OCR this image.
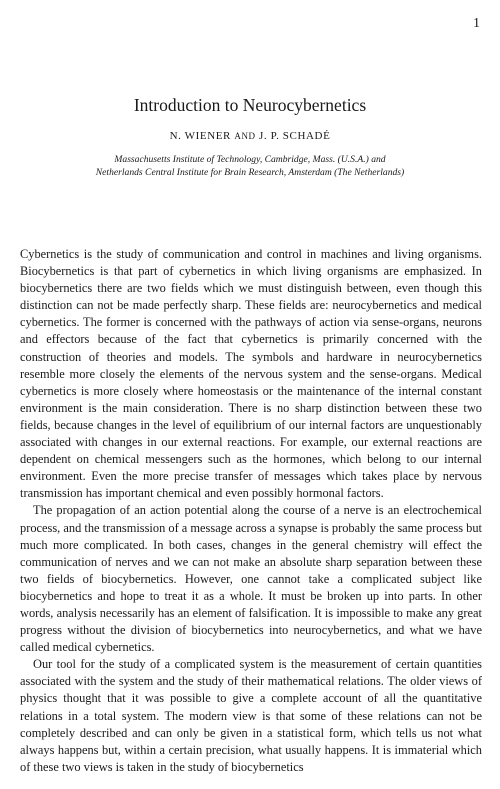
1
Introduction to Neurocybernetics
N. WIENER AND J. P. SCHADÉ
Massachusetts Institute of Technology, Cambridge, Mass. (U.S.A.) and
Netherlands Central Institute for Brain Research, Amsterdam (The Netherlands)

Cybernetics is the study of communication and control in machines and living organisms. Biocybernetics is that part of cybernetics in which living organisms are emphasized. In biocybernetics there are two fields which we must distinguish between, even though this distinction can not be made perfectly sharp. These fields are: neurocybernetics and medical cybernetics. The former is concerned with the pathways of action via sense-organs, neurons and effectors because of the fact that cybernetics is primarily concerned with the construction of theories and models. The symbols and hardware in neurocybernetics resemble more closely the elements of the nervous system and the sense-organs. Medical cybernetics is more closely where homeostasis or the maintenance of the internal constant environment is the main consideration. There is no sharp distinction between these two fields, because changes in the level of equilibrium of our internal factors are unquestionably associated with changes in our external reactions. For example, our external reactions are dependent on chemical messengers such as the hormones, which belong to our internal environment. Even the more precise transfer of messages which takes place by nervous transmission has important chemical and even possibly hormonal factors.

The propagation of an action potential along the course of a nerve is an electrochemical process, and the transmission of a message across a synapse is probably the same process but much more complicated. In both cases, changes in the general chemistry will effect the communication of nerves and we can not make an absolute sharp separation between these two fields of biocybernetics. However, one cannot take a complicated subject like biocybernetics and hope to treat it as a whole. It must be broken up into parts. In other words, analysis necessarily has an element of falsification. It is impossible to make any great progress without the division of biocybernetics into neurocybernetics, and what we have called medical cybernetics.

Our tool for the study of a complicated system is the measurement of certain quantities associated with the system and the study of their mathematical relations. The older views of physics thought that it was possible to give a complete account of all the quantitative relations in a total system. The modern view is that some of these relations can not be completely described and can only be given in a statistical form, which tells us not what always happens but, within a certain precision, what usually happens. It is immaterial which of these two views is taken in the study of biocybernetics
